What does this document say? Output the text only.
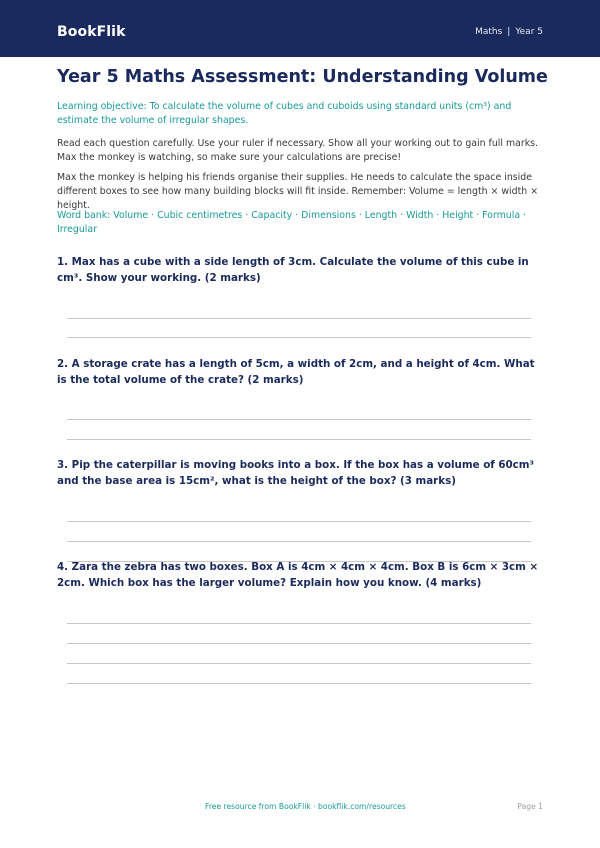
BookFlik	Maths | Year 5
Year 5 Maths Assessment: Understanding Volume

Learning objective: To calculate the volume of cubes and cuboids using standard units (cm³) and estimate the volume of irregular shapes.

Read each question carefully. Use your ruler if necessary. Show all your working out to gain full marks. Max the monkey is watching, so make sure your calculations are precise!

Max the monkey is helping his friends organise their supplies. He needs to calculate the space inside different boxes to see how many building blocks will fit inside. Remember: Volume = length × width × height.

Word bank: Volume · Cubic centimetres · Capacity · Dimensions · Length · Width · Height · Formula · Irregular

1. Max has a cube with a side length of 3cm. Calculate the volume of this cube in cm³. Show your working. (2 marks)

2. A storage crate has a length of 5cm, a width of 2cm, and a height of 4cm. What is the total volume of the crate? (2 marks)

3. Pip the caterpillar is moving books into a box. If the box has a volume of 60cm³ and the base area is 15cm², what is the height of the box? (3 marks)

4. Zara the zebra has two boxes. Box A is 4cm × 4cm × 4cm. Box B is 6cm × 3cm × 2cm. Which box has the larger volume? Explain how you know. (4 marks)

Free resource from BookFlik · bookflik.com/resources	Page 1
